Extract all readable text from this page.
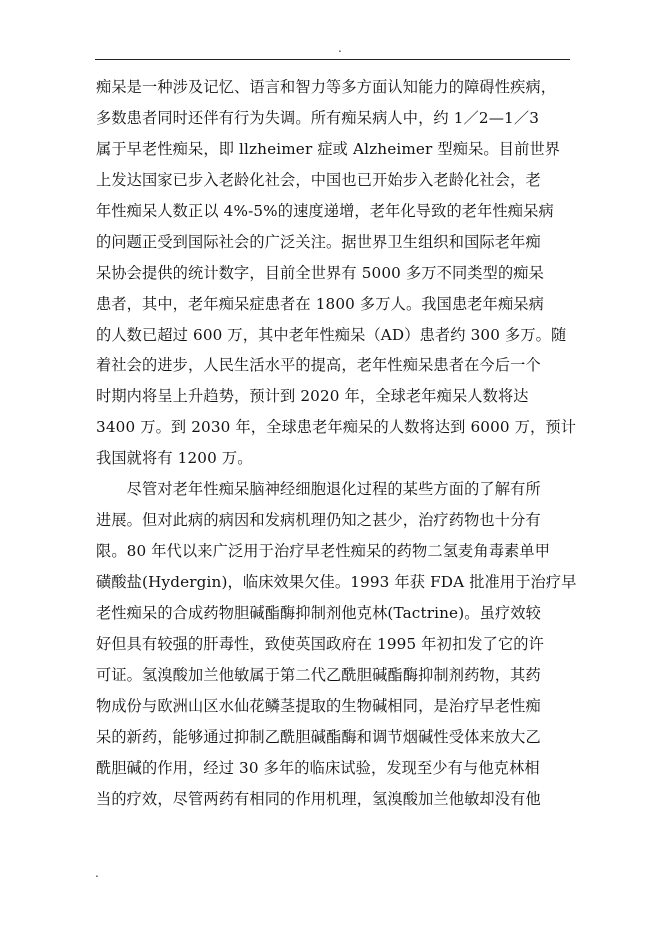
.
痴呆是一种涉及记忆、语言和智力等多方面认知能力的障碍性疾病，
多数患者同时还伴有行为失调。所有痴呆病人中，约 1／2—1／3
属于早老性痴呆，即 llzheimer 症或 Alzheimer 型痴呆。目前世界
上发达国家已步入老龄化社会，中国也已开始步入老龄化社会，老
年性痴呆人数正以 4%-5%的速度递增，老年化导致的老年性痴呆病
的问题正受到国际社会的广泛关注。据世界卫生组织和国际老年痴
呆协会提供的统计数字，目前全世界有 5000 多万不同类型的痴呆
患者，其中，老年痴呆症患者在 1800 多万人。我国患老年痴呆病
的人数已超过 600 万，其中老年性痴呆（AD）患者约 300 多万。随
着社会的进步，人民生活水平的提高，老年性痴呆患者在今后一个
时期内将呈上升趋势，预计到 2020 年，全球老年痴呆人数将达
3400 万。到 2030 年，全球患老年痴呆的人数将达到 6000 万，预计
我国就将有 1200 万。
　　尽管对老年性痴呆脑神经细胞退化过程的某些方面的了解有所
进展。但对此病的病因和发病机理仍知之甚少，治疗药物也十分有
限。80 年代以来广泛用于治疗早老性痴呆的药物二氢麦角毒素单甲
磺酸盐(Hydergin)，临床效果欠佳。1993 年获 FDA 批准用于治疗早
老性痴呆的合成药物胆碱酯酶抑制剂他克林(Tactrine)。虽疗效较
好但具有较强的肝毒性，致使英国政府在 1995 年初扣发了它的许
可证。氢溴酸加兰他敏属于第二代乙酰胆碱酯酶抑制剂药物，其药
物成份与欧洲山区水仙花鳞茎提取的生物碱相同，是治疗早老性痴
呆的新药，能够通过抑制乙酰胆碱酯酶和调节烟碱性受体来放大乙
酰胆碱的作用，经过 30 多年的临床试验，发现至少有与他克林相
当的疗效，尽管两药有相同的作用机理，氢溴酸加兰他敏却没有他
.
